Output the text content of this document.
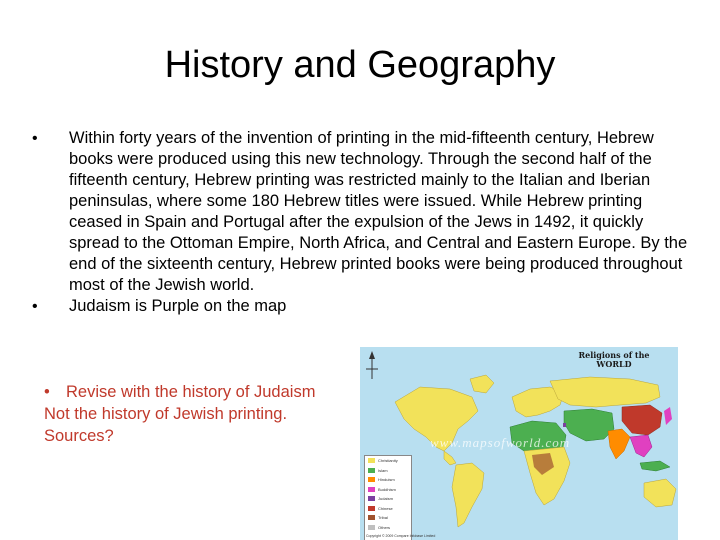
History and Geography
• Within forty years of the invention of printing in the mid-fifteenth century, Hebrew books were produced using this new technology. Through the second half of the fifteenth century, Hebrew printing was restricted mainly to the Italian and Iberian peninsulas, where some 180 Hebrew titles were issued. While Hebrew printing ceased in Spain and Portugal after the expulsion of the Jews in 1492, it quickly spread to the Ottoman Empire, North Africa, and Central and Eastern Europe. By the end of the sixteenth century, Hebrew printed books were being produced throughout most of the Jewish world.
• Judaism is Purple on the map
• Revise with the history of Judaism
Not the history of Jewish printing.
Sources?
Religions of the
WORLD
www.mapsofworld.com
Christianity
Islam
Hinduism
Buddhism
Judaism
Chinese
Tribal
Others
Copyright © 2009 Compare Infobase Limited
